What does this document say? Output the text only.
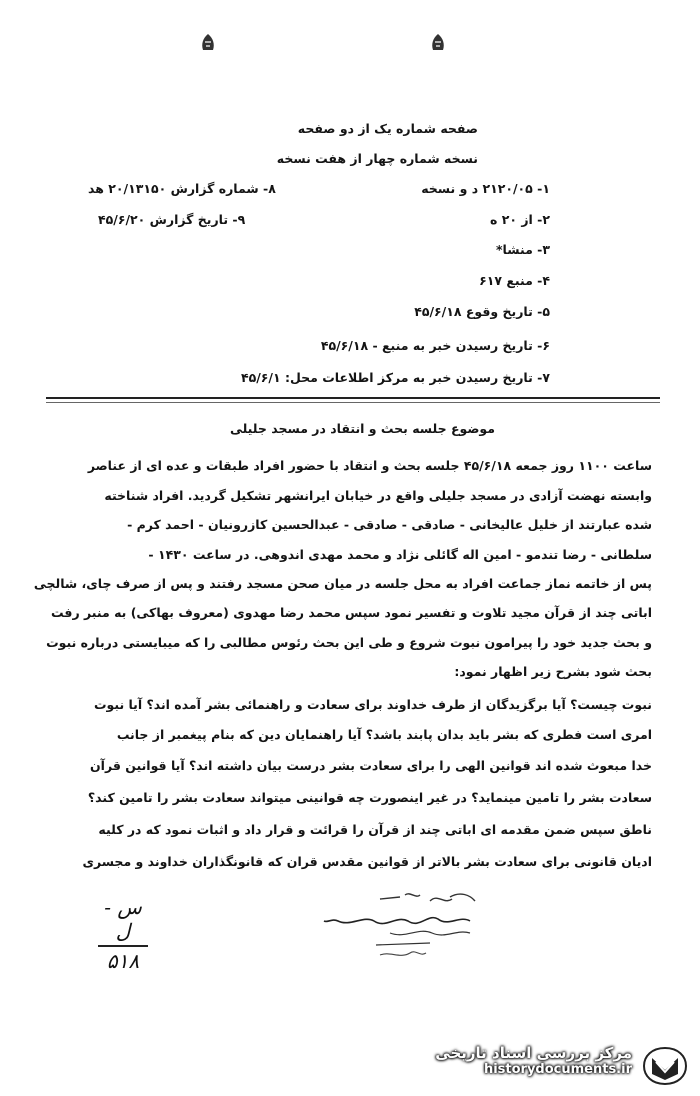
صفحه شماره یک از دو صفحه
نسخه شماره چهار از هفت نسخه
۱- ۲۱۲۰/۰۵ د و نسخه
۲- از ۲۰ ه
۳- منشا*
۴- منبع ۶۱۷
۵- تاریخ وقوع ۴۵/۶/۱۸
۶- تاریخ رسیدن خبر به منبع - ۴۵/۶/۱۸
۷- تاریخ رسیدن خبر به مرکز اطلاعات محل: ۴۵/۶/۱
۸- شماره گزارش ۲۰/۱۳۱۵۰ هد
۹- تاریخ گزارش ۴۵/۶/۲۰
موضوع جلسه بحث و انتقاد در مسجد جلیلی
ساعت ۱۱۰۰ روز جمعه ۴۵/۶/۱۸ جلسه بحث و انتقاد با حضور افراد طبقات و عده ای از عناصر
وابسته نهضت آزادی در مسجد جلیلی واقع در خیابان ایرانشهر تشکیل گردید. افراد شناخته
شده عبارتند از خلیل عالیخانی - صادقی - صادقی - عبدالحسین کازرونیان - احمد کرم -
سلطانی - رضا تندمو - امین اله گائلی نژاد و محمد مهدی اندوهی. در ساعت ۱۴۳۰ -
پس از خاتمه نماز جماعت افراد به محل جلسه در میان صحن مسجد رفتند و پس از صرف چای، شالچی
اباتی چند از قرآن مجید تلاوت و تفسیر نمود سپس محمد رضا مهدوی (معروف بهاکی) به منبر رفت
و بحث جدید خود را پیرامون نبوت شروع و طی این بحث رئوس مطالبی را که میبایستی درباره نبوت
بحث شود بشرح زیر اظهار نمود:
نبوت چیست؟ آیا برگزیدگان از طرف خداوند برای سعادت و راهنمائی بشر آمده اند؟ آیا نبوت
امری است فطری که بشر باید بدان پابند باشد؟ آیا راهنمایان دین که بنام پیغمبر از جانب
خدا مبعوث شده اند قوانین الهی را برای سعادت بشر درست بیان داشته اند؟ آیا قوانین قرآن
سعادت بشر را تامین مینماید؟ در غیر اینصورت چه قوانینی میتواند سعادت بشر را تامین کند؟
ناطق سپس ضمن مقدمه ای اباتی چند از قرآن را قرائت و قرار داد و اثبات نمود که در کلیه
ادیان قانونی برای سعادت بشر بالاتر از قوانین مقدس قران که قانونگذاران خداوند و مجسری
س - ل
۵۱۸
مرکز بررسی اسناد تاریخی
historydocuments.ir
